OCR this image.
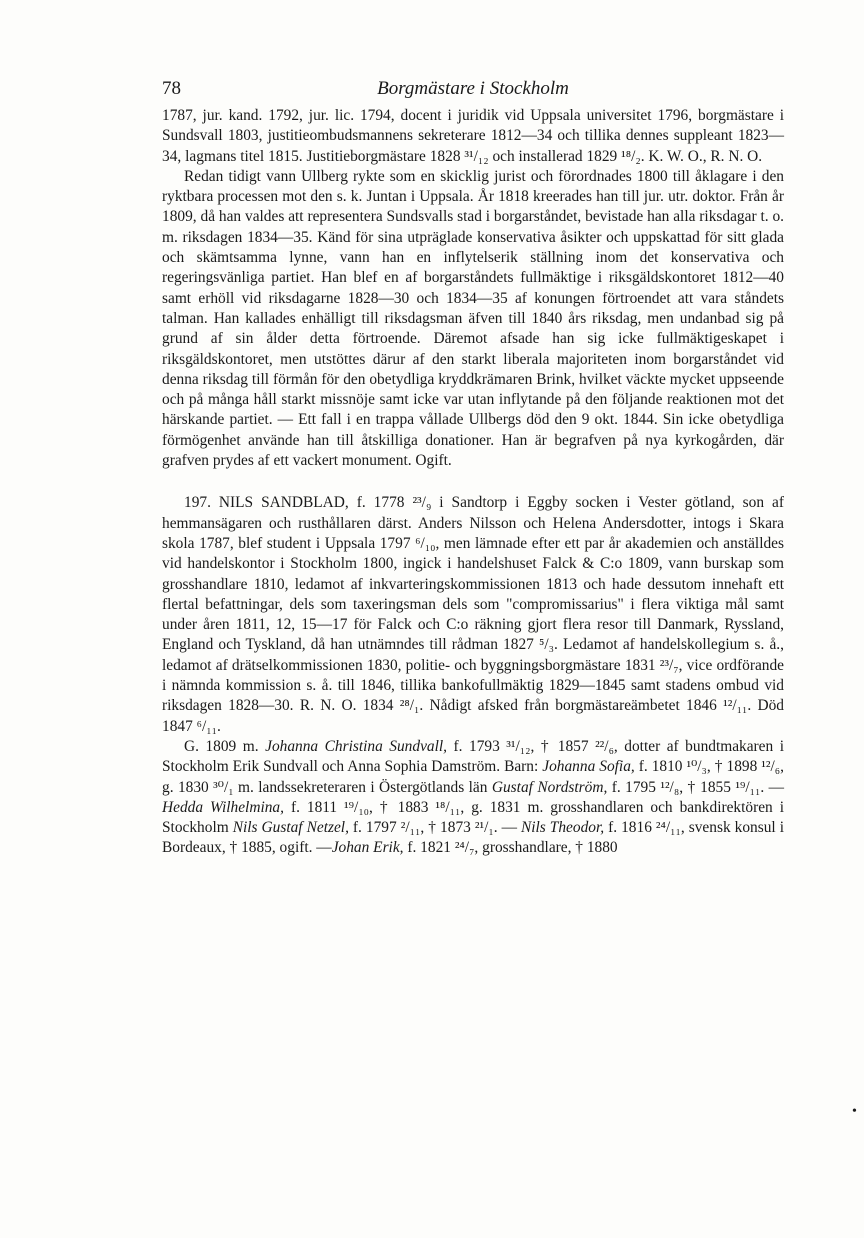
78	Borgmästare i Stockholm

1787, jur. kand. 1792, jur. lic. 1794, docent i juridik vid Uppsala universitet 1796, borgmästare i Sundsvall 1803, justitieombudsmannens sekreterare 1812—34 och tillika dennes suppleant 1823—34, lagmans titel 1815. Justitieborgmästare 1828 ³¹/₁₂ och installerad 1829 ¹⁸/₂. K. W. O., R. N. O.

Redan tidigt vann Ullberg rykte som en skicklig jurist och förordnades 1800 till åklagare i den ryktbara processen mot den s. k. Juntan i Uppsala. År 1818 kreerades han till jur. utr. doktor. Från år 1809, då han valdes att representera Sundsvalls stad i borgarståndet, bevistade han alla riksdagar t. o. m. riksdagen 1834—35. Känd för sina utpräglade konservativa åsikter och uppskattad för sitt glada och skämtsamma lynne, vann han en inflytelserik ställning inom det konservativa och regeringsvänliga partiet. Han blef en af borgarståndets fullmäktige i riksgäldskontoret 1812—40 samt erhöll vid riksdagarne 1828—30 och 1834—35 af konungen förtroendet att vara ståndets talman. Han kallades enhälligt till riksdagsman äfven till 1840 års riksdag, men undanbad sig på grund af sin ålder detta förtroende. Däremot afsade han sig icke fullmäktigeskapet i riksgäldskontoret, men utstöttes därur af den starkt liberala majoriteten inom borgarståndet vid denna riksdag till förmån för den obetydliga kryddkrämaren Brink, hvilket väckte mycket uppseende och på många håll starkt missnöje samt icke var utan inflytande på den följande reaktionen mot det härskande partiet. — Ett fall i en trappa vållade Ullbergs död den 9 okt. 1844. Sin icke obetydliga förmögenhet använde han till åtskilliga donationer. Han är begrafven på nya kyrkogården, där grafven prydes af ett vackert monument. Ogift.

197. NILS SANDBLAD, f. 1778 ²³/₉ i Sandtorp i Eggby socken i Vester götland, son af hemmansägaren och rusthållaren därst. Anders Nilsson och Helena Andersdotter, intogs i Skara skola 1787, blef student i Uppsala 1797 ⁶/₁₀, men lämnade efter ett par år akademien och anställdes vid handelskontor i Stockholm 1800, ingick i handelshuset Falck & C:o 1809, vann burskap som grosshandlare 1810, ledamot af inkvarteringskommissionen 1813 och hade dessutom innehaft ett flertal befattningar, dels som taxeringsman dels som "compromissarius" i flera viktiga mål samt under åren 1811, 12, 15—17 för Falck och C:o räkning gjort flera resor till Danmark, Ryssland, England och Tyskland, då han utnämndes till rådman 1827 ⁵/₃. Ledamot af handelskollegium s. å., ledamot af drätselkommissionen 1830, politie- och byggningsborgmästare 1831 ²³/₇, vice ordförande i nämnda kommission s. å. till 1846, tillika bankofullmäktig 1829—1845 samt stadens ombud vid riksdagen 1828—30. R. N. O. 1834 ²⁸/₁. Nådigt afsked från borgmästareämbetet 1846 ¹²/₁₁. Död 1847 ⁶/₁₁.

G. 1809 m. Johanna Christina Sundvall, f. 1793 ³¹/₁₂, † 1857 ²²/₆, dotter af bundtmakaren i Stockholm Erik Sundvall och Anna Sophia Damström. Barn: Johanna Sofia, f. 1810 ¹⁰/₃, † 1898 ¹²/₆, g. 1830 ³⁰/₁ m. landssekreteraren i Östergötlands län Gustaf Nordström, f. 1795 ¹²/₈, † 1855 ¹⁹/₁₁. — Hedda Wilhelmina, f. 1811 ¹⁹/₁₀, † 1883 ¹⁸/₁₁, g. 1831 m. grosshandlaren och bankdirektören i Stockholm Nils Gustaf Netzel, f. 1797 ²/₁₁, † 1873 ²¹/₁. — Nils Theodor, f. 1816 ²⁴/₁₁, svensk konsul i Bordeaux, † 1885, ogift. —Johan Erik, f. 1821 ²⁴/₇, grosshandlare, † 1880

•
